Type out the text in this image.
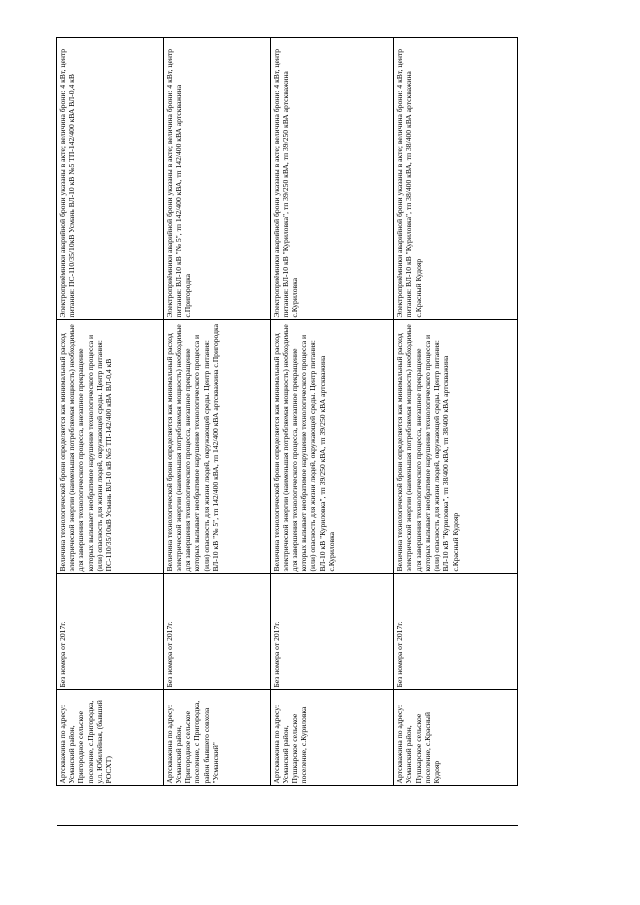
		Артскважина по адресу: Усманский район, Пригородное сельское поселение, с.Пригородка, у.л. Юбилейная, (бывший РОСХТ)	Без номера от 2017г.	Величина технологической брони определяется как минимальный расход электрической энергии (наименьшая потребляемая мощность) необходимые для завершения технологического процесса, внезапное прекращение которых вызывает необратимое нарушение технологического процесса и (или) опасность для жизни людей, окружающей среды. Центр питания: ПС-110/35/10кВ Усмань ВЛ-10 кВ №5 ТП-142/400 кВА ВЛ-0,4 кВ	Электроприёмники аварийной брони указаны в акте; величина брони: 4 кВт, центр питания: ПС-110/35/10кВ Усмань ВЛ-10 кВ №5 ТП-142/400 кВА ВЛ-0,4 кВ
		Артскважина по адресу: Усманский район, Пригородное сельское поселение, с Пригородка, район бывшего совхоза "Усманский"	Без номера от 2017г.	Величина технологической брони определяется как минимальный расход электрической энергии (наименьшая потребляемая мощность) необходимые для завершения технологического процесса, внезапное прекращение которых вызывает необратимое нарушение технологического процесса и (или) опасность для жизни людей, окружающей среды. Центр питания: ВЛ-10 кВ "№ 5", тп 142/400 кВА, тп 142/400 кВА артскважина с.Пригородка	Электроприёмники аварийной брони указаны в акте; величина брони: 4 кВт, центр питания: ВЛ-10 кВ "№ 5", тп 142/400 кВА, тп 142/400 кВА артскважина с.Пригородка
		Артскважина по адресу: Усманский район, Пушкарское сельское поселение, с.Куриловка	Без номера от 2017г.	Величина технологической брони определяется как минимальный расход электрической энергии (наименьшая потребляемая мощность) необходимые для завершения технологического процесса, внезапное прекращение которых вызывает необратимое нарушение технологического процесса и (или) опасность для жизни людей, окружающей среды. Центр питания: ВЛ-10 кВ "Куриловка", тп 39/250 кВА, тп 39/250 кВА артскважина с.Куриловка	Электроприёмники аварийной брони указаны в акте; величина брони: 4 кВт, центр питания: ВЛ-10 кВ "Куриловка", тп 39/250 кВА, тп 39/250 кВА артскважина с.Куриловка
		Артскважина по адресу: Усманский район, Пушкарское сельское поселение, с.Красный Кудояр	Без номера от 2017г.	Величина технологической брони определяется как минимальный расход электрической энергии (наименьшая потребляемая мощность) необходимые для завершения технологического процесса, внезапное прекращение которых вызывает необратимое нарушение технологического процесса и (или) опасность для жизни людей, окружающей среды. Центр питания: ВЛ-10 кВ "Куриловка", тп 38/400 кВА, тп 38/400 кВА артскважина с.Красный Кудояр	Электроприёмники аварийной брони указаны в акте; величина брони: 4 кВт, центр питания: ВЛ-10 кВ "Куриловка", тп 38/400 кВА, тп 38/400 кВА артскважина с.Красный Кудояр
